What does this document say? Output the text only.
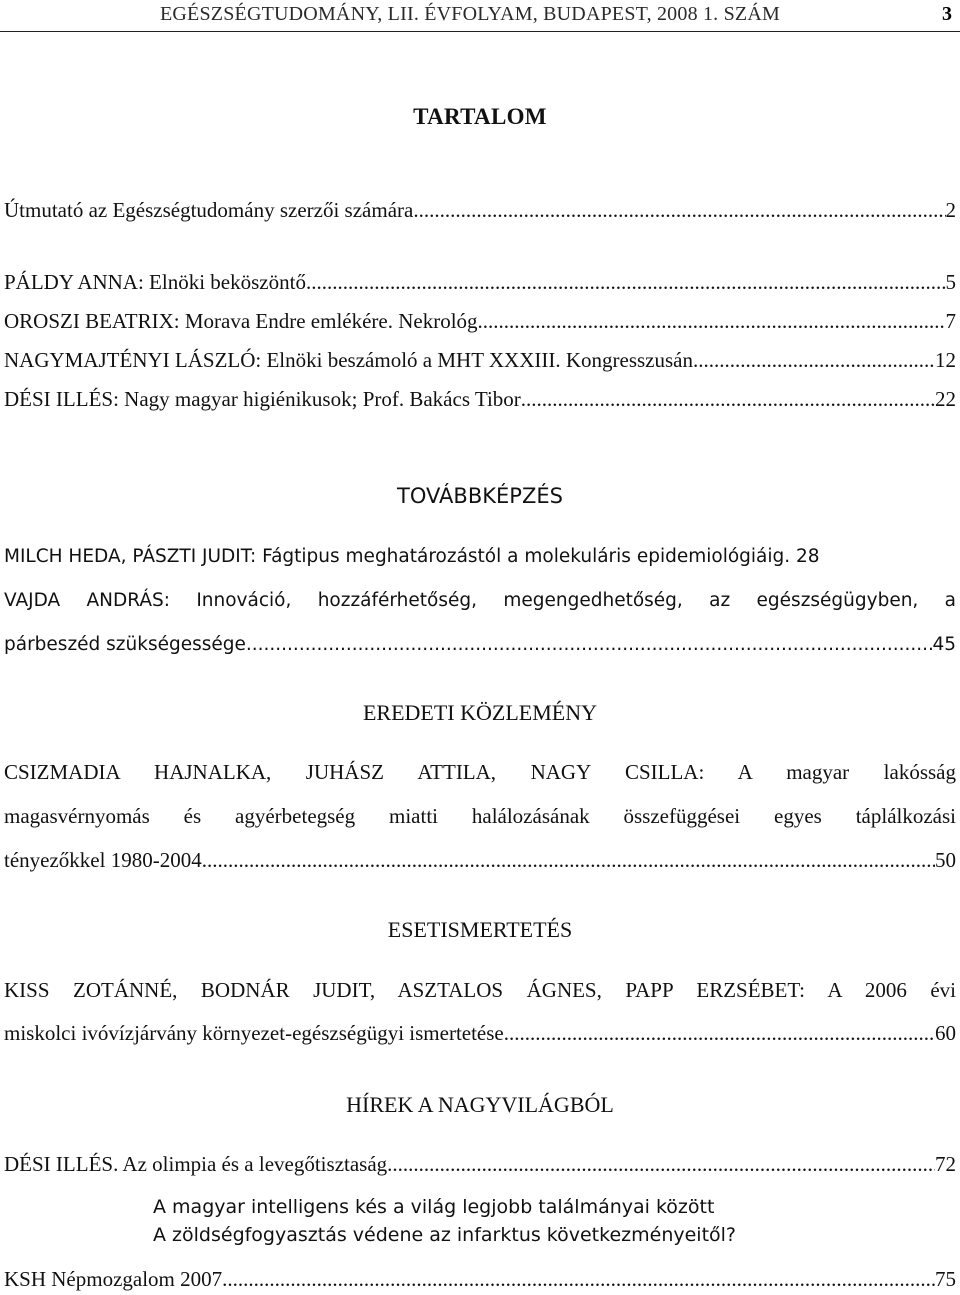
EGÉSZSÉGTUDOMÁNY, LII. ÉVFOLYAM, BUDAPEST, 2008 1. SZÁM	3
TARTALOM
Útmutató az Egészségtudomány szerzői számára .....	2
PÁLDY ANNA: Elnöki beköszöntő .....	5
OROSZI BEATRIX: Morava Endre emlékére. Nekrológ .....	7
NAGYMAJTÉNYI LÁSZLÓ: Elnöki beszámoló a MHT XXXIII. Kongresszusán .....	12
DÉSI ILLÉS: Nagy magyar higiénikusok; Prof. Bakács Tibor .....	22
TOVÁBBKÉPZÉS
MILCH HEDA, PÁSZTI JUDIT: Fágtipus meghatározástól a molekuláris epidemiológiáig. 28
VAJDA ANDRÁS: Innováció, hozzáférhetőség, megengedhetőség, az egészségügyben, a
párbeszéd szükségessége .....	45
EREDETI KÖZLEMÉNY
CSIZMADIA HAJNALKA, JUHÁSZ ATTILA, NAGY CSILLA: A magyar lakósság
magasvérnyomás és agyérbetegség miatti halálozásának összefüggései egyes táplálkozási
tényezőkkel 1980-2004 .....	50
ESETISMERTETÉS
KISS ZOTÁNNÉ, BODNÁR JUDIT, ASZTALOS ÁGNES, PAPP ERZSÉBET: A 2006 évi
miskolci ivóvízjárvány környezet-egészségügyi ismertetése .....	60
HÍREK A NAGYVILÁGBÓL
DÉSI ILLÉS. Az olimpia és a levegőtisztaság .....	72
A magyar intelligens kés a világ legjobb találmányai között
A zöldségfogyasztás védene az infarktus következményeitől?
KSH Népmozgalom 2007 .....	75
